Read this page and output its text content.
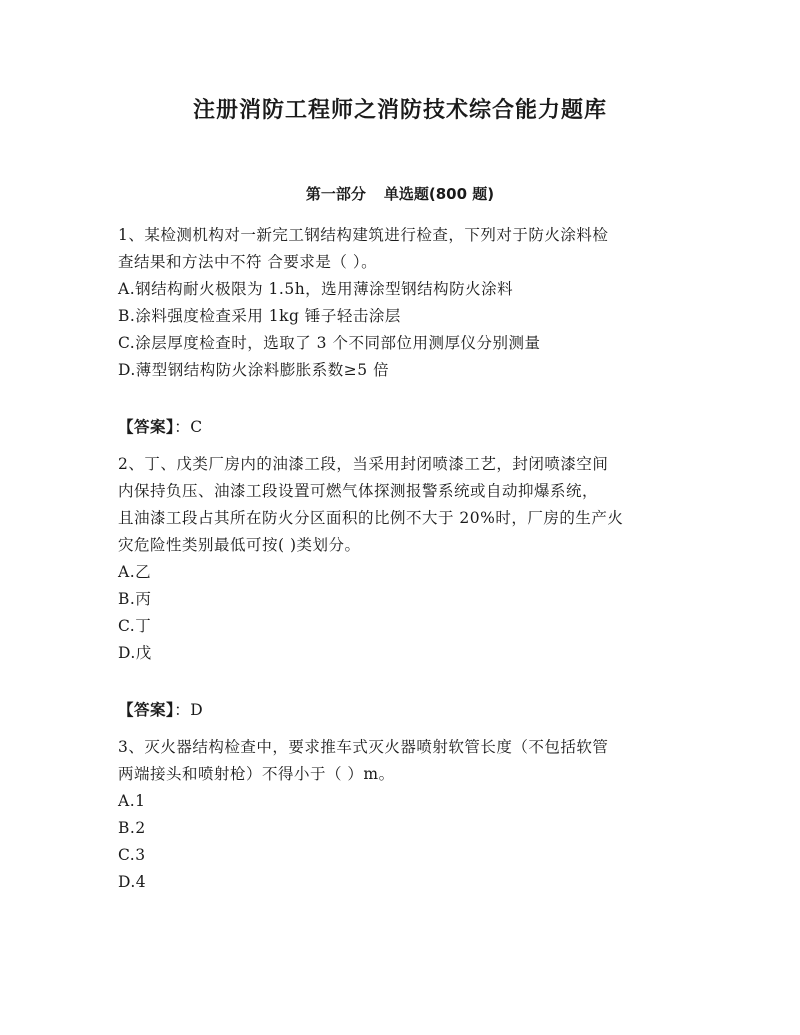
注册消防工程师之消防技术综合能力题库
第一部分 单选题(800 题)

1、某检测机构对一新完工钢结构建筑进行检查，下列对于防火涂料检

查结果和方法中不符 合要求是（ ）。

A.钢结构耐火极限为 1.5h，选用薄涂型钢结构防火涂料

B.涂料强度检查采用 1kg 锤子轻击涂层

C.涂层厚度检查时，选取了 3 个不同部位用测厚仪分别测量

D.薄型钢结构防火涂料膨胀系数≥5 倍

【答案】：C

2、丁、戊类厂房内的油漆工段，当采用封闭喷漆工艺，封闭喷漆空间

内保持负压、油漆工段设置可燃气体探测报警系统或自动抑爆系统，

且油漆工段占其所在防火分区面积的比例不大于 20%时，厂房的生产火

灾危险性类别最低可按( )类划分。

A.乙

B.丙

C.丁

D.戊

【答案】：D

3、灭火器结构检查中，要求推车式灭火器喷射软管长度（不包括软管

两端接头和喷射枪）不得小于（ ）m。

A.1

B.2

C.3

D.4
